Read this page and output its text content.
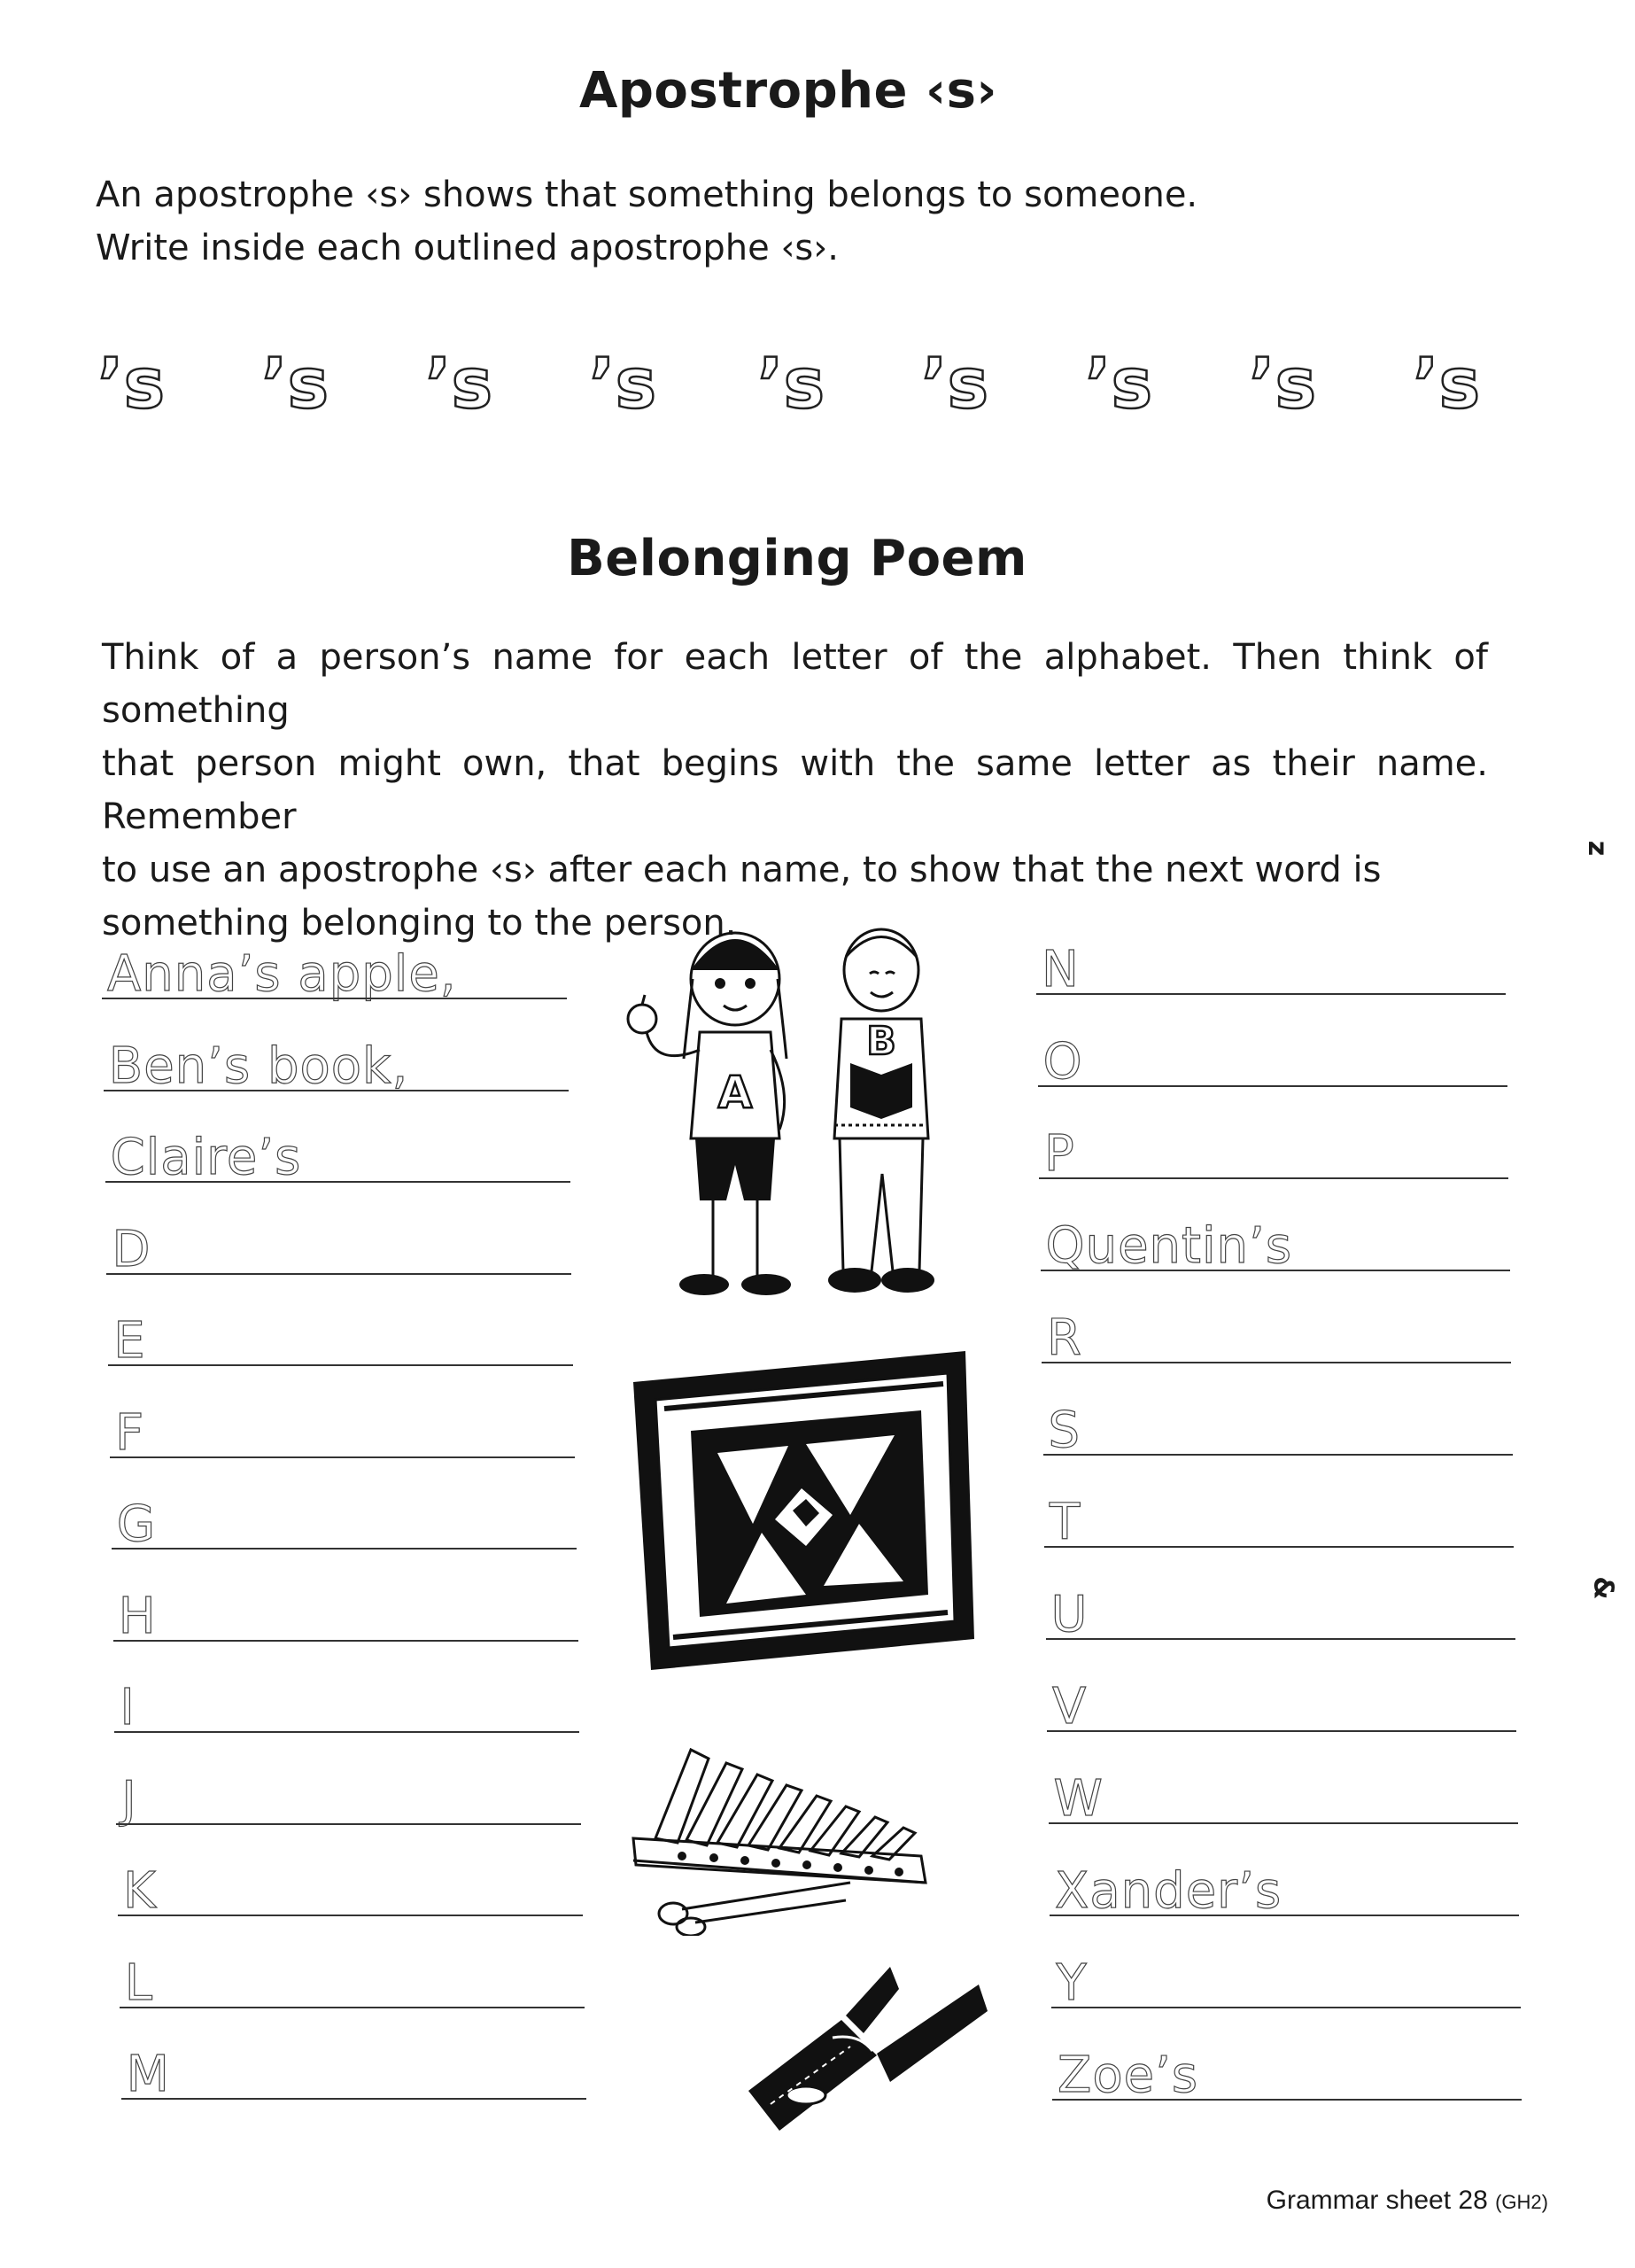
Apostrophe ‹s›
An apostrophe ‹s› shows that something belongs to someone.
Write inside each outlined apostrophe ‹s›.
’s ’s ’s ’s ’s ’s ’s ’s ’s
Belonging Poem
Think of a person’s name for each letter of the alphabet. Then think of something
that person might own, that begins with the same letter as their name. Remember
to use an apostrophe ‹s› after each name, to show that the next word is
something belonging to the person.
Anna’s apple,
Ben’s book,
Claire’s
D
E
F
G
H
I
J
K
L
M
N
O
P
Quentin’s
R
S
T
U
V
W
Xander’s
Y
Zoe’s
A
B
z
&
Grammar sheet 28 (GH2)
